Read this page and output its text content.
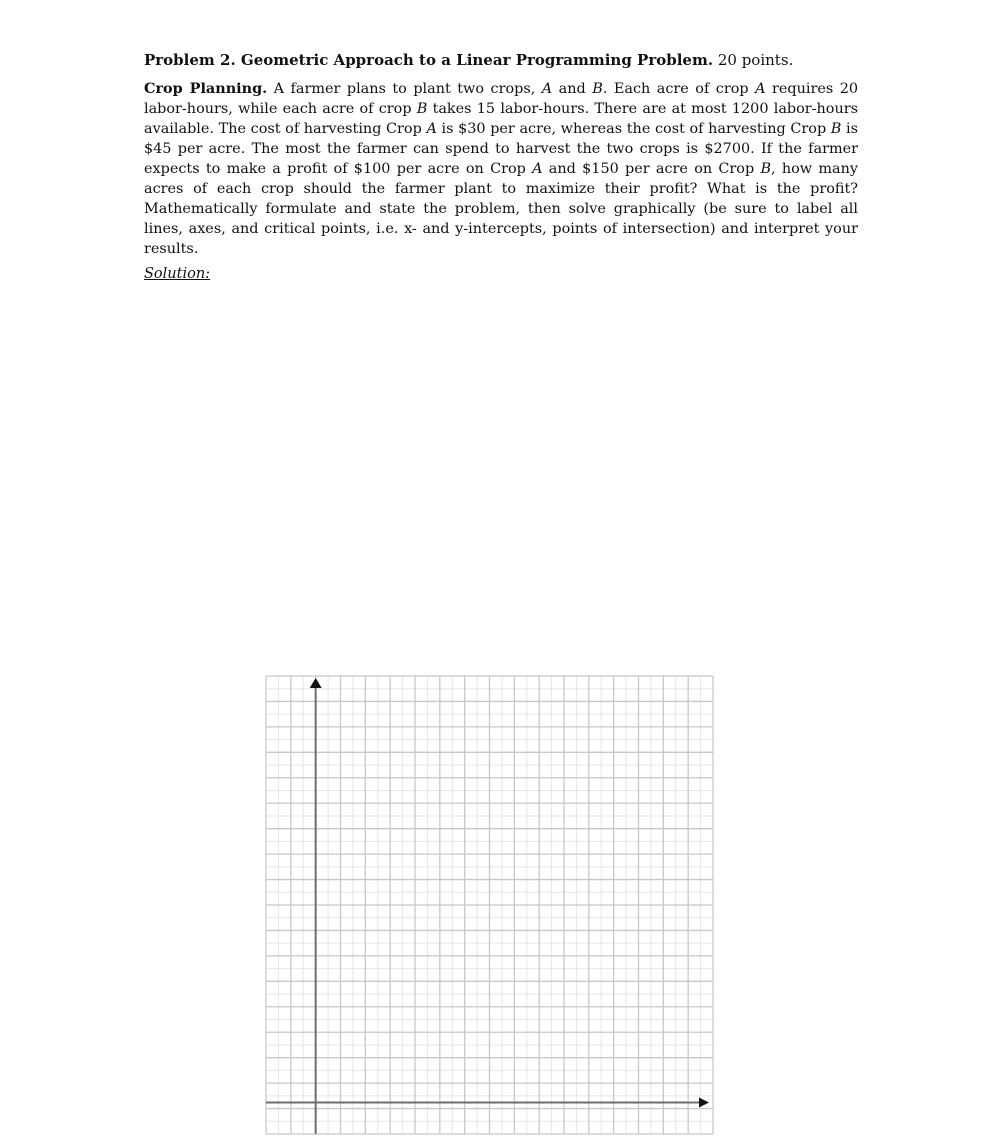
Problem 2. Geometric Approach to a Linear Programming Problem. 20 points.
Crop Planning. A farmer plans to plant two crops, A and B. Each acre of crop A requires 20 labor-hours, while each acre of crop B takes 15 labor-hours. There are at most 1200 labor-hours available. The cost of harvesting Crop A is $30 per acre, whereas the cost of harvesting Crop B is $45 per acre. The most the farmer can spend to harvest the two crops is $2700. If the farmer expects to make a profit of $100 per acre on Crop A and $150 per acre on Crop B, how many acres of each crop should the farmer plant to maximize their profit? What is the profit? Mathematically formulate and state the problem, then solve graphically (be sure to label all lines, axes, and critical points, i.e. x- and y-intercepts, points of intersection) and interpret your results.
Solution:
